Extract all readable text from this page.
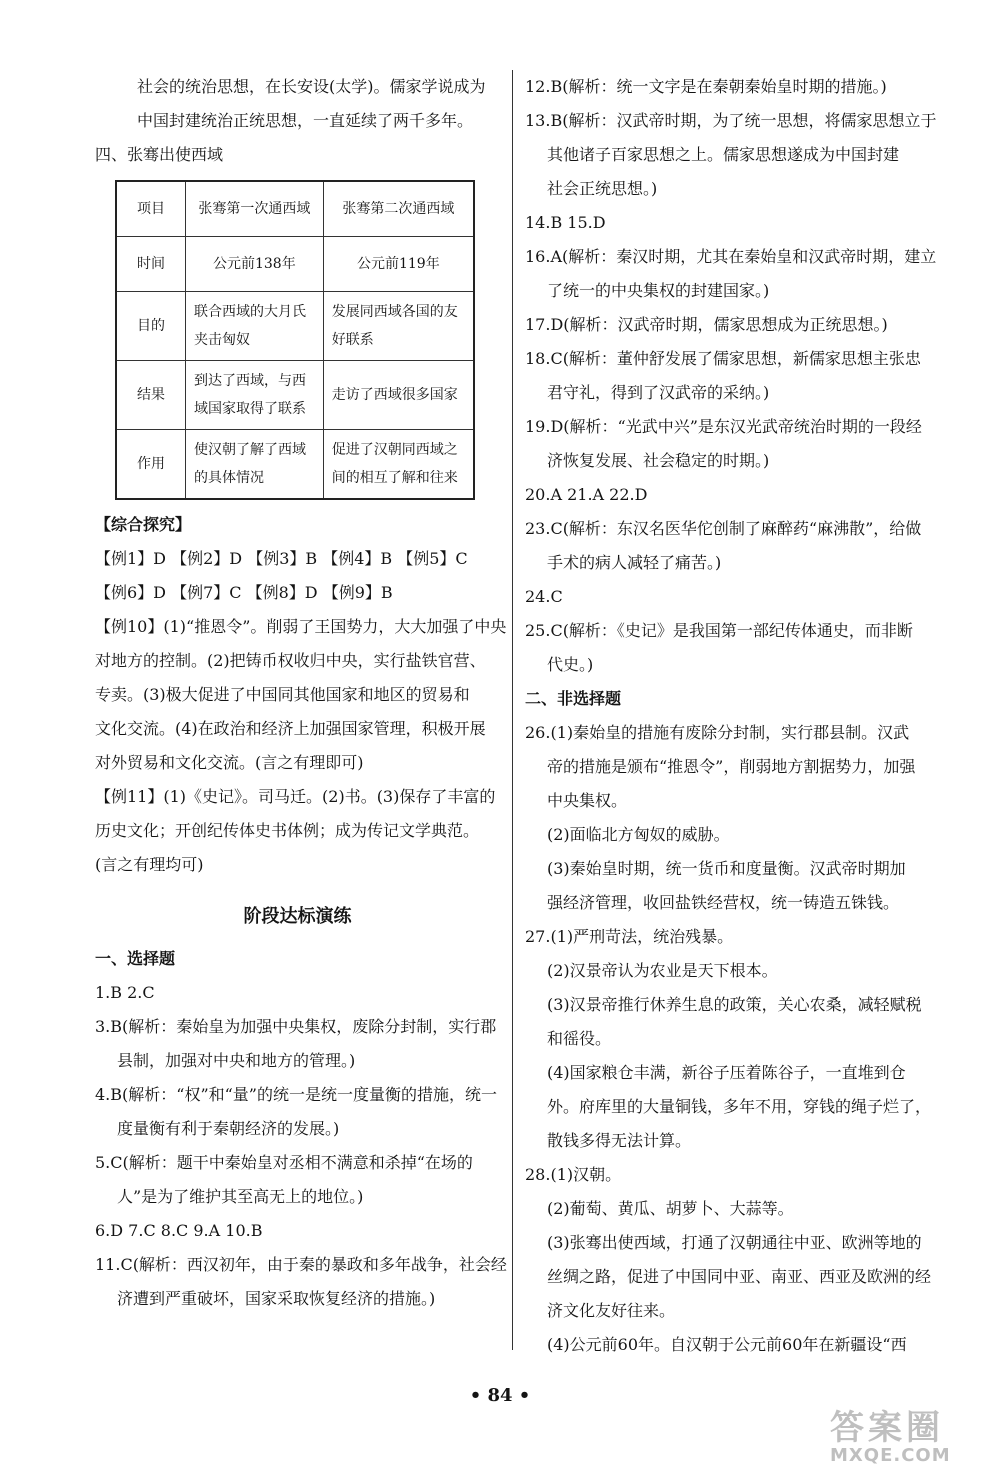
社会的统治思想，在长安设(太学)。儒家学说成为
中国封建统治正统思想，一直延续了两千多年。
四、张骞出使西域
项目	张骞第一次通西域	张骞第二次通西域
时间	公元前138年	公元前119年
目的	联合西域的大月氏夹击匈奴	发展同西域各国的友好联系
结果	到达了西域，与西域国家取得了联系	走访了西域很多国家
作用	使汉朝了解了西域的具体情况	促进了汉朝同西域之间的相互了解和往来
【综合探究】
【例1】D 【例2】D 【例3】B 【例4】B 【例5】C
【例6】D 【例7】C 【例8】D 【例9】B
【例10】(1)“推恩令”。削弱了王国势力，大大加强了中央
对地方的控制。(2)把铸币权收归中央，实行盐铁官营、
专卖。(3)极大促进了中国同其他国家和地区的贸易和
文化交流。(4)在政治和经济上加强国家管理，积极开展
对外贸易和文化交流。(言之有理即可)
【例11】(1)《史记》。司马迁。(2)书。(3)保存了丰富的
历史文化；开创纪传体史书体例；成为传记文学典范。
(言之有理均可)
阶段达标演练
一、选择题
1.B 2.C
3.B(解析：秦始皇为加强中央集权，废除分封制，实行郡
县制，加强对中央和地方的管理。)
4.B(解析：“权”和“量”的统一是统一度量衡的措施，统一
度量衡有利于秦朝经济的发展。)
5.C(解析：题干中秦始皇对丞相不满意和杀掉“在场的
人”是为了维护其至高无上的地位。)
6.D 7.C 8.C 9.A 10.B
11.C(解析：西汉初年，由于秦的暴政和多年战争，社会经
济遭到严重破坏，国家采取恢复经济的措施。)
12.B(解析：统一文字是在秦朝秦始皇时期的措施。)
13.B(解析：汉武帝时期，为了统一思想，将儒家思想立于
其他诸子百家思想之上。儒家思想遂成为中国封建
社会正统思想。)
14.B 15.D
16.A(解析：秦汉时期，尤其在秦始皇和汉武帝时期，建立
了统一的中央集权的封建国家。)
17.D(解析：汉武帝时期，儒家思想成为正统思想。)
18.C(解析：董仲舒发展了儒家思想，新儒家思想主张忠
君守礼，得到了汉武帝的采纳。)
19.D(解析：“光武中兴”是东汉光武帝统治时期的一段经
济恢复发展、社会稳定的时期。)
20.A 21.A 22.D
23.C(解析：东汉名医华佗创制了麻醉药“麻沸散”，给做
手术的病人减轻了痛苦。)
24.C
25.C(解析：《史记》是我国第一部纪传体通史，而非断
代史。)
二、非选择题
26.(1)秦始皇的措施有废除分封制，实行郡县制。汉武
帝的措施是颁布“推恩令”，削弱地方割据势力，加强
中央集权。
(2)面临北方匈奴的威胁。
(3)秦始皇时期，统一货币和度量衡。汉武帝时期加
强经济管理，收回盐铁经营权，统一铸造五铢钱。
27.(1)严刑苛法，统治残暴。
(2)汉景帝认为农业是天下根本。
(3)汉景帝推行休养生息的政策，关心农桑，减轻赋税
和徭役。
(4)国家粮仓丰满，新谷子压着陈谷子，一直堆到仓
外。府库里的大量铜钱，多年不用，穿钱的绳子烂了，
散钱多得无法计算。
28.(1)汉朝。
(2)葡萄、黄瓜、胡萝卜、大蒜等。
(3)张骞出使西域，打通了汉朝通往中亚、欧洲等地的
丝绸之路，促进了中国同中亚、南亚、西亚及欧洲的经
济文化友好往来。
(4)公元前60年。自汉朝于公元前60年在新疆设“西
• 84 •
答案圈
MXQE.COM
